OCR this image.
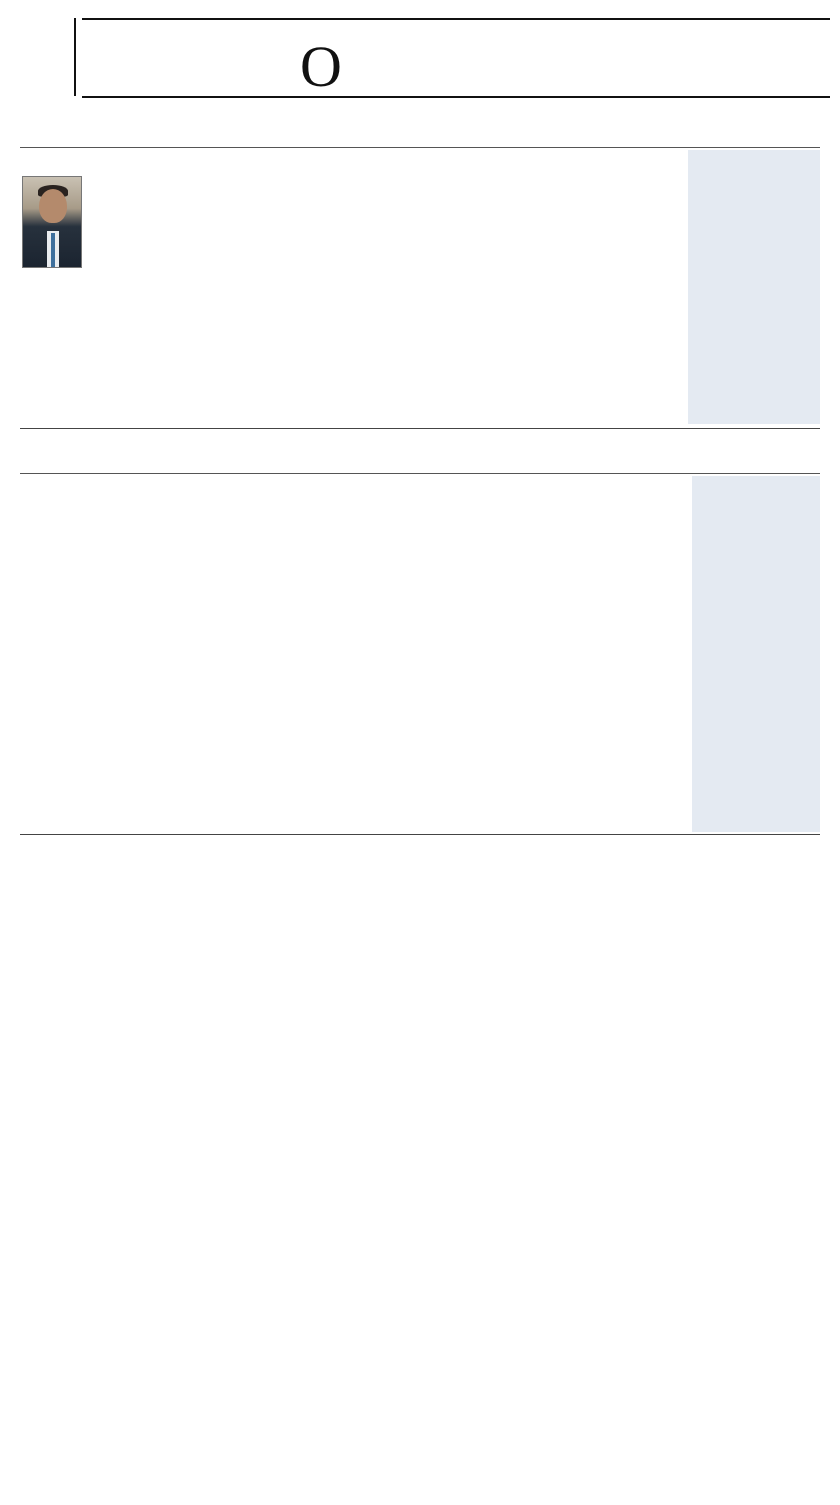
O
